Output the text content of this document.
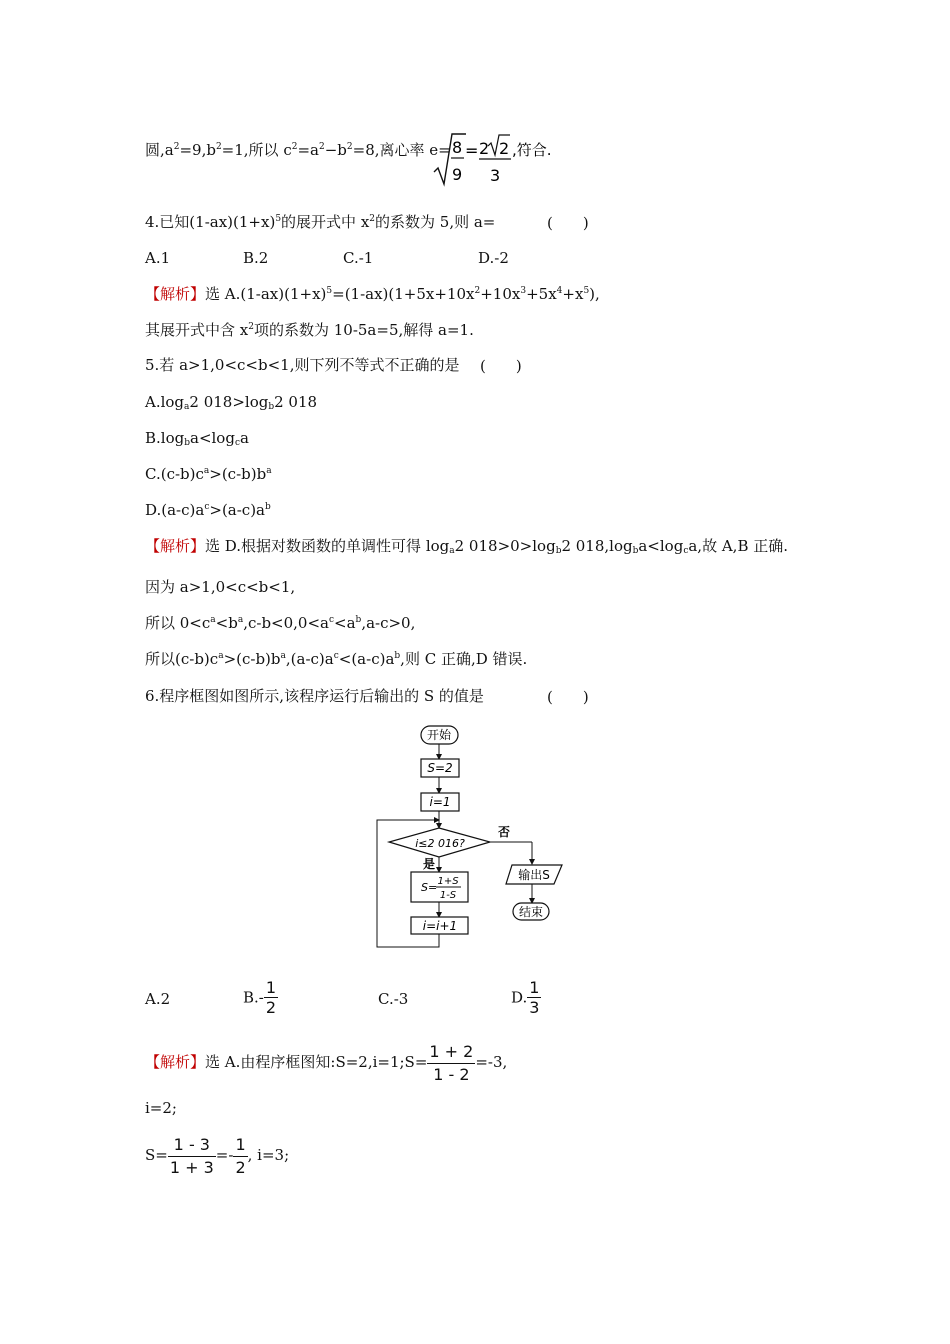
圆$,a^2=9,b^2=1$,所以 $c^2=a^2-b^2=8$,离心率 e= 8
9
= 2 2
3
,符合.
4.已知$(1-ax)(1+x)^5$的展开式中 $x^2$的系数为 5,则 a=	(　　)
A.1	B.2	C.-1	D.-2
【解析】选 $A.(1-ax)(1+x)^5=(1-ax)(1+5x+10x^2+10x^3+5x^4+x^5)$,
其展开式中含 $x^2$项的系数为 10-5a=5,解得 a=1.
5.若 a>1,0<c<b<1,则下列不等式不正确的是 (　　)
$A.\log_a2$ $018>\log_b2$ 018
$B.\log_ba<\log_ca$
$C.(c-b)c^a>(c-b)b^a$
$D.(a-c)a^c>(a-c)a^b$
【解析】选 D.根据对数函数的单调性可得 $\log_a2$ $018>0>\log_b2$ $018,\log_ba<\log_ca$,故 A,B 正确.
因为 a>1,0<c<b<1,
所以 $0<c^a<b^a,c-b<0,0<a^c<a^b,a-c>0$,
所以$(c-b)c^a>(c-b)b^a,(a-c)a^c<(a-c)a^b$,则 C 正确,D 错误.
6.程序框图如图所示,该程序运行后输出的 S 的值是	(　　)
开始
S=2
i=1
i≤2 016?
否
输出S
结束
是
S= 1+S
1-S
i=i+1
A.2	$B.- \frac{1}{2}$	C.-3	D. $\frac{1}{3}$
【解析】选 A.由程序框图知:S=2,i=1;S= $\frac{1 + 2}{1 - 2} =-3$,
i=2;
$S= \frac{1 - 3}{1 + 3} =- \frac{1}{2}$ , i=3;
